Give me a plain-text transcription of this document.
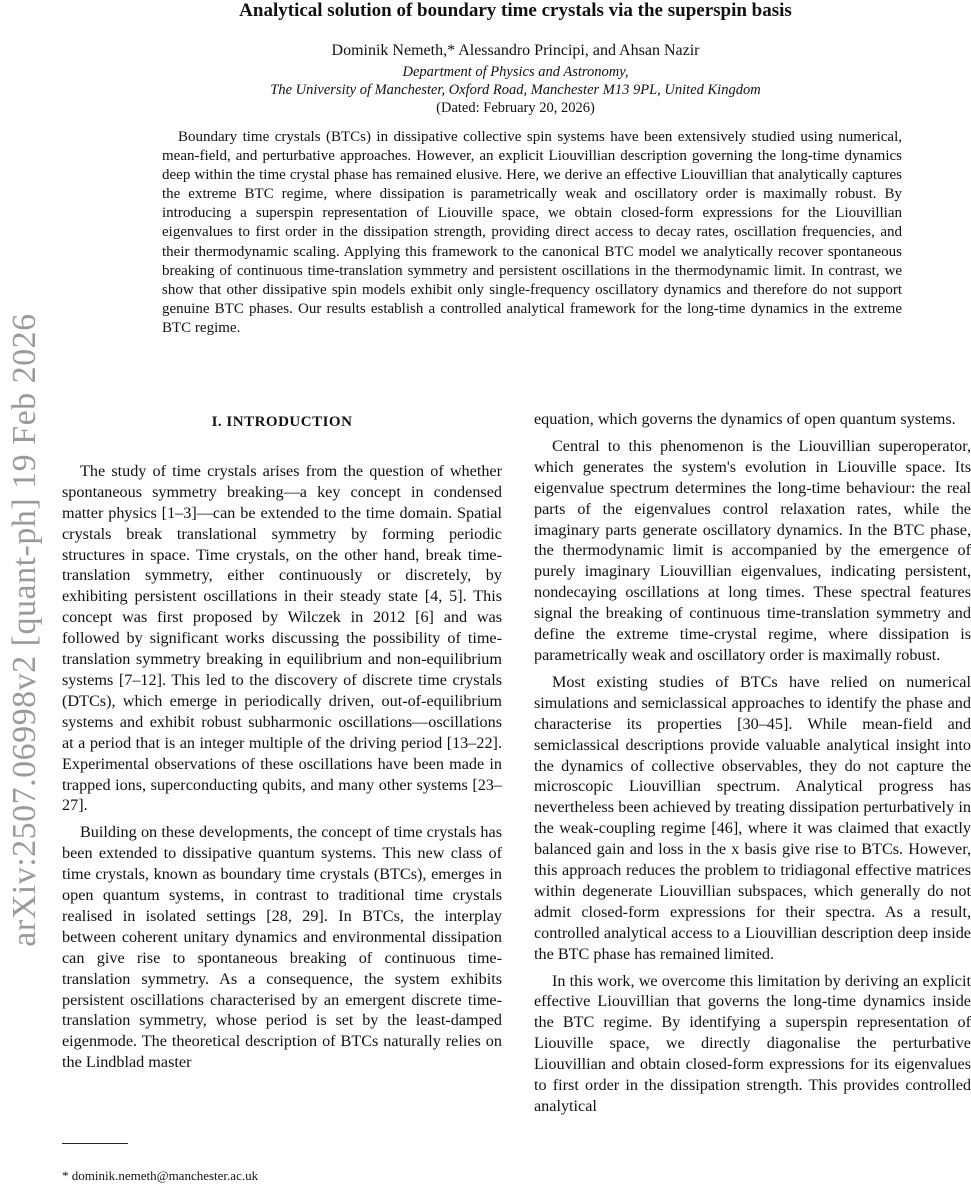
arXiv:2507.06998v2 [quant-ph] 19 Feb 2026
Analytical solution of boundary time crystals via the superspin basis
Dominik Nemeth,* Alessandro Principi, and Ahsan Nazir
Department of Physics and Astronomy,
The University of Manchester, Oxford Road, Manchester M13 9PL, United Kingdom
(Dated: February 20, 2026)
Boundary time crystals (BTCs) in dissipative collective spin systems have been extensively studied using numerical, mean-field, and perturbative approaches. However, an explicit Liouvillian description governing the long-time dynamics deep within the time crystal phase has remained elusive. Here, we derive an effective Liouvillian that analytically captures the extreme BTC regime, where dissipation is parametrically weak and oscillatory order is maximally robust. By introducing a superspin representation of Liouville space, we obtain closed-form expressions for the Liouvillian eigenvalues to first order in the dissipation strength, providing direct access to decay rates, oscillation frequencies, and their thermodynamic scaling. Applying this framework to the canonical BTC model we analytically recover spontaneous breaking of continuous time-translation symmetry and persistent oscillations in the thermodynamic limit. In contrast, we show that other dissipative spin models exhibit only single-frequency oscillatory dynamics and therefore do not support genuine BTC phases. Our results establish a controlled analytical framework for the long-time dynamics in the extreme BTC regime.
I. INTRODUCTION

The study of time crystals arises from the question of whether spontaneous symmetry breaking—a key concept in condensed matter physics [1–3]—can be extended to the time domain. Spatial crystals break translational symmetry by forming periodic structures in space. Time crystals, on the other hand, break time-translation symmetry, either continuously or discretely, by exhibiting persistent oscillations in their steady state [4, 5]. This concept was first proposed by Wilczek in 2012 [6] and was followed by significant works discussing the possibility of time-translation symmetry breaking in equilibrium and non-equilibrium systems [7–12]. This led to the discovery of discrete time crystals (DTCs), which emerge in periodically driven, out-of-equilibrium systems and exhibit robust subharmonic oscillations—oscillations at a period that is an integer multiple of the driving period [13–22]. Experimental observations of these oscillations have been made in trapped ions, superconducting qubits, and many other systems [23–27].

Building on these developments, the concept of time crystals has been extended to dissipative quantum systems. This new class of time crystals, known as boundary time crystals (BTCs), emerges in open quantum systems, in contrast to traditional time crystals realised in isolated settings [28, 29]. In BTCs, the interplay between coherent unitary dynamics and environmental dissipation can give rise to spontaneous breaking of continuous time-translation symmetry. As a consequence, the system exhibits persistent oscillations characterised by an emergent discrete time-translation symmetry, whose period is set by the least-damped eigenmode. The theoretical description of BTCs naturally relies on the Lindblad master

equation, which governs the dynamics of open quantum systems.

Central to this phenomenon is the Liouvillian superoperator, which generates the system's evolution in Liouville space. Its eigenvalue spectrum determines the long-time behaviour: the real parts of the eigenvalues control relaxation rates, while the imaginary parts generate oscillatory dynamics. In the BTC phase, the thermodynamic limit is accompanied by the emergence of purely imaginary Liouvillian eigenvalues, indicating persistent, nondecaying oscillations at long times. These spectral features signal the breaking of continuous time-translation symmetry and define the extreme time-crystal regime, where dissipation is parametrically weak and oscillatory order is maximally robust.

Most existing studies of BTCs have relied on numerical simulations and semiclassical approaches to identify the phase and characterise its properties [30–45]. While mean-field and semiclassical descriptions provide valuable analytical insight into the dynamics of collective observables, they do not capture the microscopic Liouvillian spectrum. Analytical progress has nevertheless been achieved by treating dissipation perturbatively in the weak-coupling regime [46], where it was claimed that exactly balanced gain and loss in the x basis give rise to BTCs. However, this approach reduces the problem to tridiagonal effective matrices within degenerate Liouvillian subspaces, which generally do not admit closed-form expressions for their spectra. As a result, controlled analytical access to a Liouvillian description deep inside the BTC phase has remained limited.

In this work, we overcome this limitation by deriving an explicit effective Liouvillian that governs the long-time dynamics inside the BTC regime. By identifying a superspin representation of Liouville space, we directly diagonalise the perturbative Liouvillian and obtain closed-form expressions for its eigenvalues to first order in the dissipation strength. This provides controlled analytical

* dominik.nemeth@manchester.ac.uk
